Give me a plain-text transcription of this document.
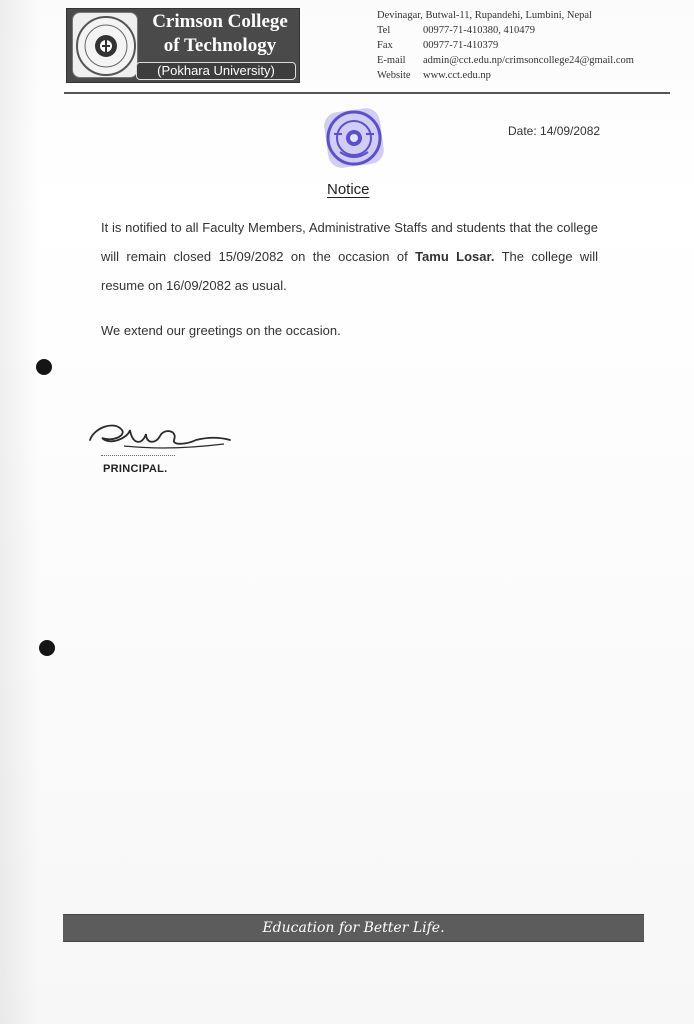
Crimson College
of Technology
(Pokhara University)
Devinagar, Butwal-11, Rupandehi, Lumbini, Nepal
Tel	00977-71-410380, 410479
Fax	00977-71-410379
E-mail	admin@cct.edu.np/crimsoncollege24@gmail.com
Website	www.cct.edu.np
Date: 14/09/2082
Notice

It is notified to all Faculty Members, Administrative Staffs and students that the college will remain closed 15/09/2082 on the occasion of Tamu Losar. The college will resume on 16/09/2082 as usual.

We extend our greetings on the occasion.
PRINCIPAL.
Education for Better Life.
